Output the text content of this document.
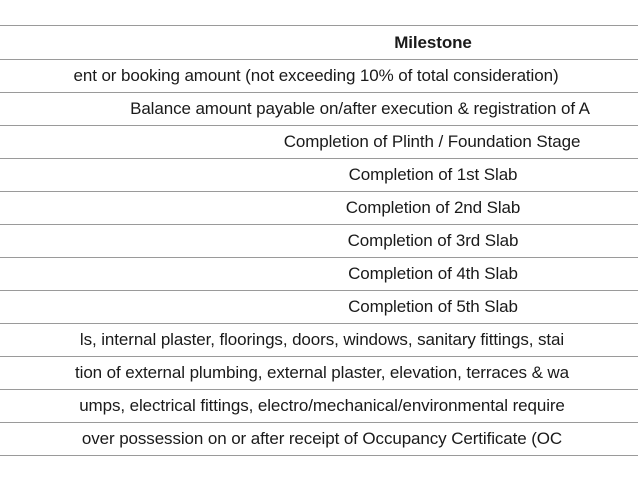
Milestone
ent or booking amount (not exceeding 10% of total consideration)
Balance amount payable on/after execution & registration of A
Completion of Plinth / Foundation Stage
Completion of 1st Slab
Completion of 2nd Slab
Completion of 3rd Slab
Completion of 4th Slab
Completion of 5th Slab
ls, internal plaster, floorings, doors, windows, sanitary fittings, stai
tion of external plumbing, external plaster, elevation, terraces & wa
umps, electrical fittings, electro/mechanical/environmental require
over possession on or after receipt of Occupancy Certificate (OC
